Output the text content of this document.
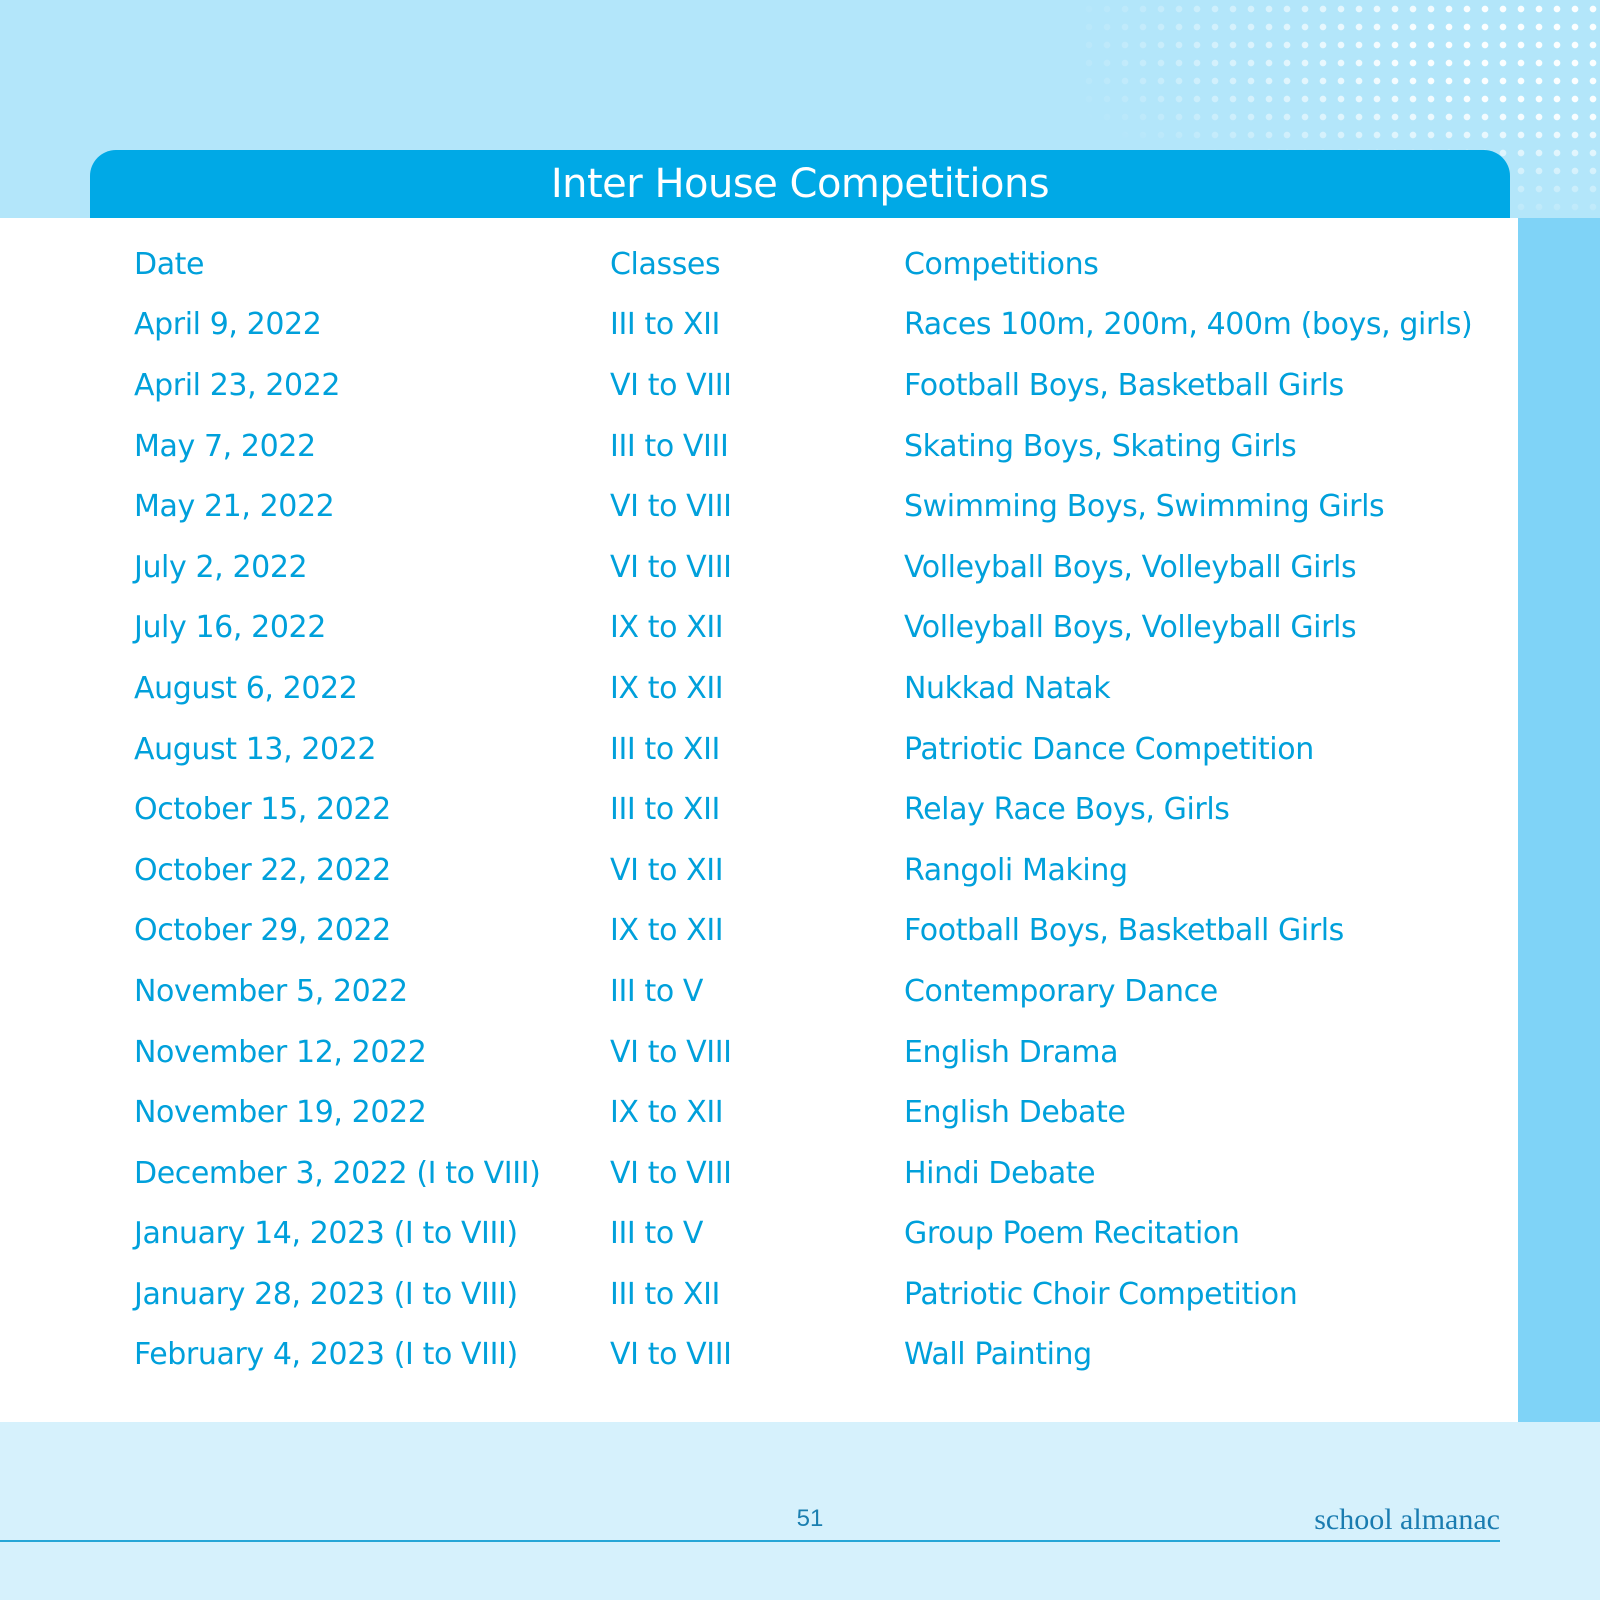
Inter House Competitions
Date	Classes	Competitions
April 9, 2022	III to XII	Races 100m, 200m, 400m (boys, girls)
April 23, 2022	VI to VIII	Football Boys, Basketball Girls
May 7, 2022	III to VIII	Skating Boys, Skating Girls
May 21, 2022	VI to VIII	Swimming Boys, Swimming Girls
July 2, 2022	VI to VIII	Volleyball Boys, Volleyball Girls
July 16, 2022	IX to XII	Volleyball Boys, Volleyball Girls
August 6, 2022	IX to XII	Nukkad Natak
August 13, 2022	III to XII	Patriotic Dance Competition
October 15, 2022	III to XII	Relay Race Boys, Girls
October 22, 2022	VI to XII	Rangoli Making
October 29, 2022	IX to XII	Football Boys, Basketball Girls
November 5, 2022	III to V	Contemporary Dance
November 12, 2022	VI to VIII	English Drama
November 19, 2022	IX to XII	English Debate
December 3, 2022 (I to VIII)	VI to VIII	Hindi Debate
January 14, 2023 (I to VIII)	III to V	Group Poem Recitation
January 28, 2023 (I to VIII)	III to XII	Patriotic Choir Competition
February 4, 2023 (I to VIII)	VI to VIII	Wall Painting
51	school almanac
